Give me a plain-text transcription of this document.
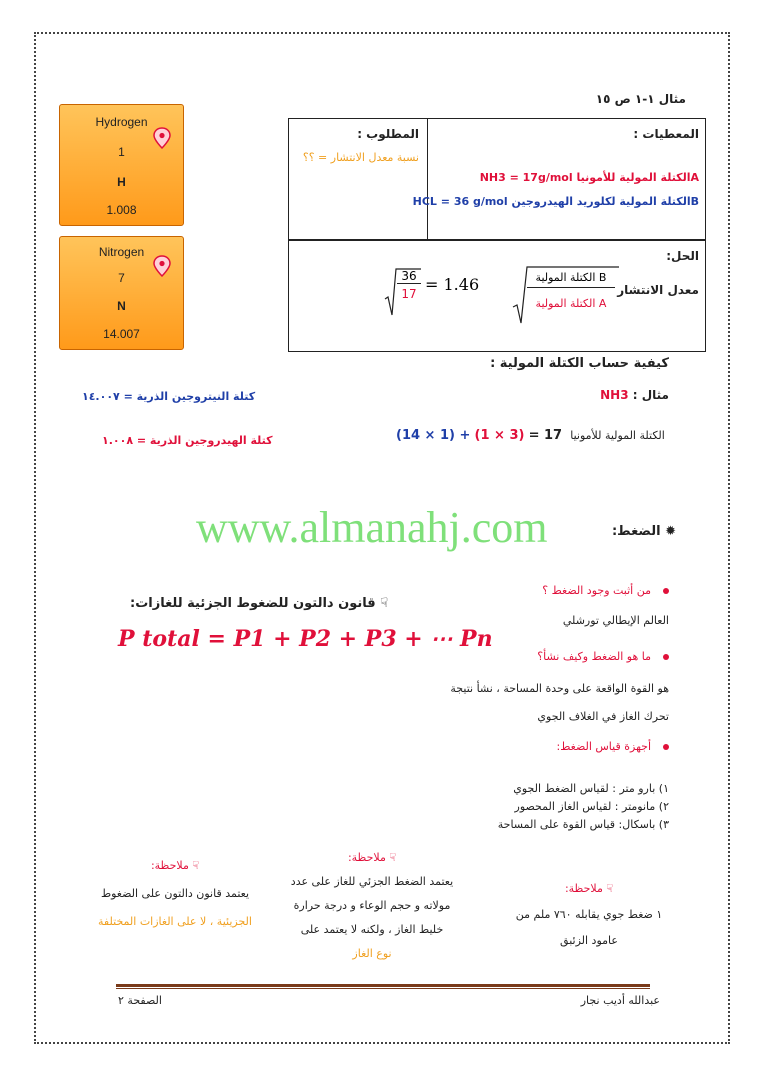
مثال ١-١ ص ١٥
Hydrogen
1
H
1.008
Nitrogen
7
N
14.007
المعطيات :
Aالكتلة المولية للأمونيا NH3 = 17g/mol
Bالكتلة المولية لكلوريد الهيدروجين HCL = 36 g/mol
المطلوب :
نسبة معدل الانتشار = ؟؟
الحل:
معدل الانتشار
B الكتلة المولية
A الكتلة المولية
36
17 = 1.46
كيفية حساب الكتلة المولية :
مثال : NH3
كتلة النيتروجين الذرية = ١٤.٠٠٧
كتلة الهيدروجين الذرية = ١.٠٠٨	(14 × 1) + (1 × 3) = 17 الكتلة المولية للأمونيا
www.almanahj.com	✹ الضغط:
☟ قانون دالتون للضغوط الجزئية للغازات:
P total = P1 + P2 + P3 + ⋯ Pn
من أثبت وجود الضغط ؟
العالم الإيطالي تورشلي
ما هو الضغط وكيف نشأ؟
هو القوة الواقعة على وحدة المساحة ، نشأ نتيجة
تحرك الغاز في الغلاف الجوي
أجهزة قياس الضغط:
١) بارو متر : لقياس الضغط الجوي
٢) مانومتر : لقياس الغاز المحصور
٣) باسكال: قياس القوة على المساحة
☟ ملاحظة:
١ ضغط جوي يقابله ٧٦٠ ملم من
عامود الزئبق
☟ ملاحظة:
يعتمد الضغط الجزئي للغاز على عدد
مولاته و حجم الوعاء و درجة حرارة
خليط الغاز ، ولكنه لا يعتمد على
نوع الغاز
☟ ملاحظة:
يعتمد قانون دالتون على الضغوط
الجزيئية ، لا على الغازات المختلفة
عبدالله أديب نجار
الصفحة ٢
